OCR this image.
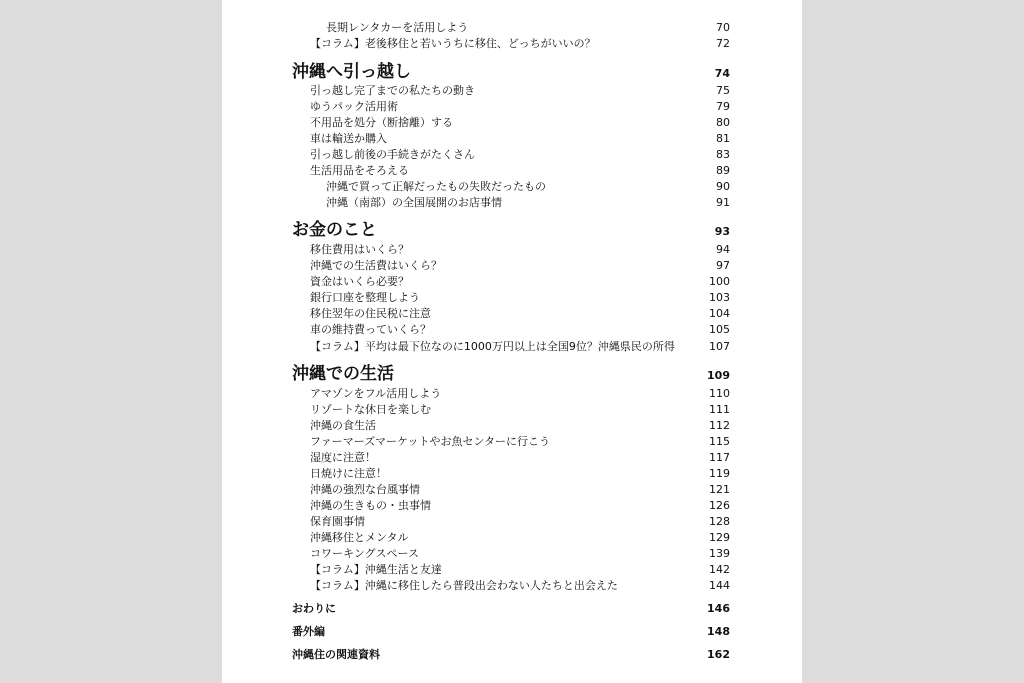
長期レンタカーを活用しよう	70
【コラム】老後移住と若いうちに移住、どっちがいいの？	72
沖縄へ引っ越し	74
引っ越し完了までの私たちの動き	75
ゆうパック活用術	79
不用品を処分（断捨離）する	80
車は輸送か購入	81
引っ越し前後の手続きがたくさん	83
生活用品をそろえる	89
沖縄で買って正解だったもの失敗だったもの	90
沖縄（南部）の全国展開のお店事情	91
お金のこと	93
移住費用はいくら？	94
沖縄での生活費はいくら？	97
資金はいくら必要？	100
銀行口座を整理しよう	103
移住翌年の住民税に注意	104
車の維持費っていくら？	105
【コラム】平均は最下位なのに1000万円以上は全国9位？沖縄県民の所得	107
沖縄での生活	109
アマゾンをフル活用しよう	110
リゾートな休日を楽しむ	111
沖縄の食生活	112
ファーマーズマーケットやお魚センターに行こう	115
湿度に注意！	117
日焼けに注意！	119
沖縄の強烈な台風事情	121
沖縄の生きもの・虫事情	126
保育園事情	128
沖縄移住とメンタル	129
コワーキングスペース	139
【コラム】沖縄生活と友達	142
【コラム】沖縄に移住したら普段出会わない人たちと出会えた	144
おわりに	146
番外編	148
沖縄住の関連資料	162
